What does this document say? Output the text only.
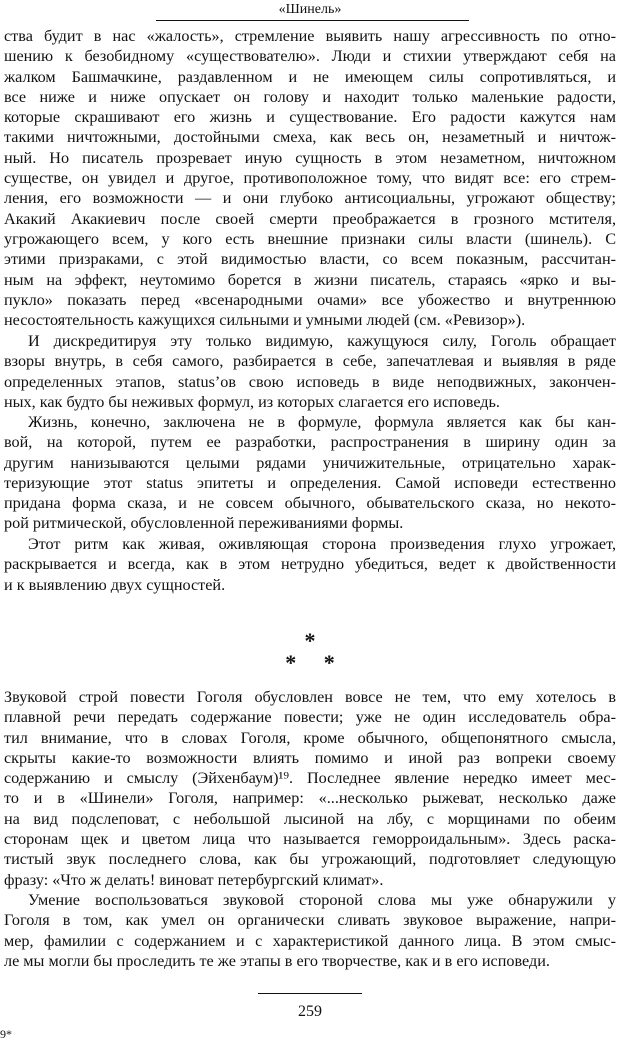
«Шинель»
ства будит в нас «жалость», стремление выявить нашу агрессивность по отно-
шению к безобидному «существователю». Люди и стихии утверждают себя на
жалком Башмачкине, раздавленном и не имеющем силы сопротивляться, и
все ниже и ниже опускает он голову и находит только маленькие радости,
которые скрашивают его жизнь и существование. Его радости кажутся нам
такими ничтожными, достойными смеха, как весь он, незаметный и ничтож-
ный. Но писатель прозревает иную сущность в этом незаметном, ничтожном
существе, он увидел и другое, противоположное тому, что видят все: его стрем-
ления, его возможности — и они глубоко антисоциальны, угрожают обществу;
Акакий Акакиевич после своей смерти преображается в грозного мстителя,
угрожающего всем, у кого есть внешние признаки силы власти (шинель). С
этими призраками, с этой видимостью власти, со всем показным, рассчитан-
ным на эффект, неутомимо борется в жизни писатель, стараясь «ярко и вы-
пукло» показать перед «всенародными очами» все убожество и внутреннюю
несостоятельность кажущихся сильными и умными людей (см. «Ревизор»).
И дискредитируя эту только видимую, кажущуюся силу, Гоголь обращает
взоры внутрь, в себя самого, разбирается в себе, запечатлевая и выявляя в ряде
определенных этапов, status’ов свою исповедь в виде неподвижных, закончен-
ных, как будто бы неживых формул, из которых слагается его исповедь.
Жизнь, конечно, заключена не в формуле, формула является как бы кан-
вой, на которой, путем ее разработки, распространения в ширину один за
другим нанизываются целыми рядами уничижительные, отрицательно харак-
теризующие этот status эпитеты и определения. Самой исповеди естественно
придана форма сказа, и не совсем обычного, обывательского сказа, но некото-
рой ритмической, обусловленной переживаниями формы.
Этот ритм как живая, оживляющая сторона произведения глухо угрожает,
раскрывается и всегда, как в этом нетрудно убедиться, ведет к двойственности
и к выявлению двух сущностей.
*
*     *
Звуковой строй повести Гоголя обусловлен вовсе не тем, что ему хотелось в
плавной речи передать содержание повести; уже не один исследователь обра-
тил внимание, что в словах Гоголя, кроме обычного, общепонятного смысла,
скрыты какие-то возможности влиять помимо и иной раз вопреки своему
содержанию и смыслу (Эйхенбаум)¹⁹. Последнее явление нередко имеет мес-
то и в «Шинели» Гоголя, например: «...несколько рыжеват, несколько даже
на вид подслеповат, с небольшой лысиной на лбу, с морщинами по обеим
сторонам щек и цветом лица что называется геморроидальным». Здесь раска-
тистый звук последнего слова, как бы угрожающий, подготовляет следующую
фразу: «Что ж делать! виноват петербургский климат».
Умение воспользоваться звуковой стороной слова мы уже обнаружили у
Гоголя в том, как умел он органически сливать звуковое выражение, напри-
мер, фамилии с содержанием и с характеристикой данного лица. В этом смыс-
ле мы могли бы проследить те же этапы в его творчестве, как и в его исповеди.
259
9*
